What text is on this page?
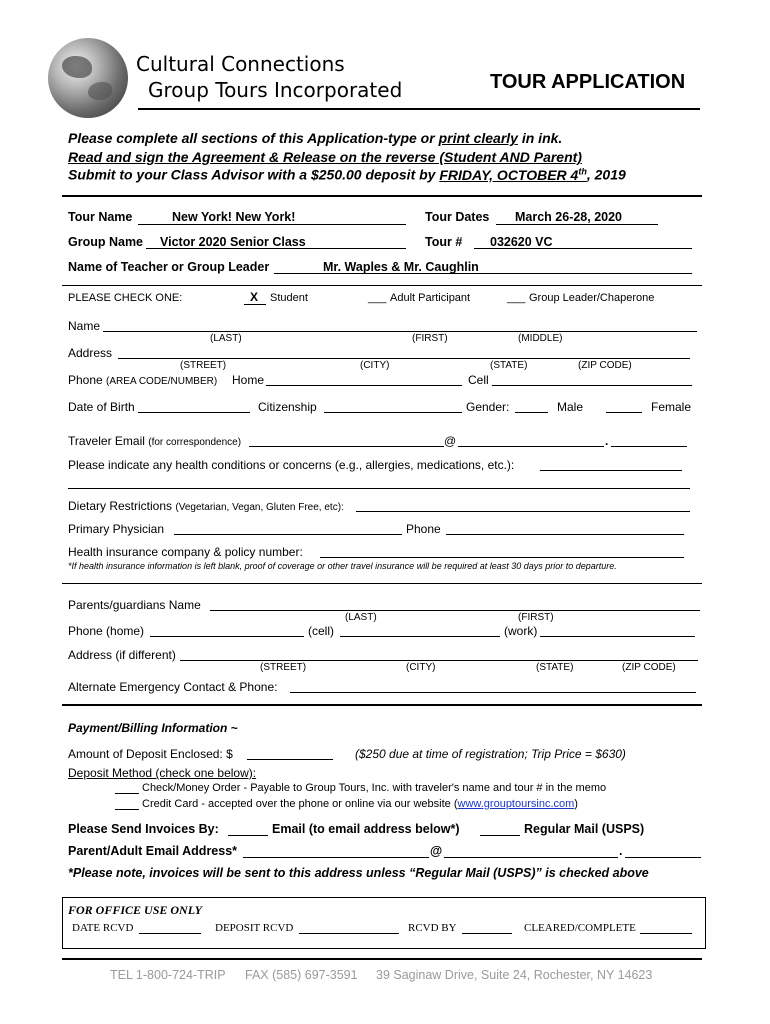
Cultural Connections
Group Tours Incorporated	TOUR APPLICATION
Please complete all sections of this Application-type or print clearly in ink.
Read and sign the Agreement & Release on the reverse (Student AND Parent)
Submit to your Class Advisor with a $250.00 deposit by FRIDAY, OCTOBER 4th, 2019
Tour Name	New York! New York!	Tour Dates March 26-28, 2020
Group Name Victor 2020 Senior Class	Tour # 032620 VC
Name of Teacher or Group Leader	Mr. Waples & Mr. Caughlin
PLEASE CHECK ONE:	X Student	___ Adult Participant	___ Group Leader/Chaperone
Name
(LAST)	(FIRST)	(MIDDLE)
Address
(STREET)	(CITY)	(STATE)	(ZIP CODE)
Phone (AREA CODE/NUMBER) Home	Cell
Date of Birth	Citizenship	Gender:	Male	Female
Traveler Email (for correspondence)	@	.
Please indicate any health conditions or concerns (e.g., allergies, medications, etc.):
Dietary Restrictions (Vegetarian, Vegan, Gluten Free, etc):
Primary Physician	Phone
Health insurance company & policy number:
*If health insurance information is left blank, proof of coverage or other travel insurance will be required at least 30 days prior to departure.
Parents/guardians Name
(LAST)	(FIRST)
Phone (home)	(cell)	(work)
Address (if different)
(STREET)	(CITY)	(STATE)	(ZIP CODE)
Alternate Emergency Contact & Phone:
Payment/Billing Information ~
Amount of Deposit Enclosed: $	($250 due at time of registration; Trip Price = $630)
Deposit Method (check one below):
Check/Money Order - Payable to Group Tours, Inc. with traveler's name and tour # in the memo
Credit Card - accepted over the phone or online via our website (www.grouptoursinc.com)
Please Send Invoices By:	Email (to email address below*)	Regular Mail (USPS)
Parent/Adult Email Address*	@	.
*Please note, invoices will be sent to this address unless “Regular Mail (USPS)” is checked above
FOR OFFICE USE ONLY
DATE RCVD	DEPOSIT RCVD	RCVD BY	CLEARED/COMPLETE
TEL 1-800-724-TRIP FAX (585) 697-3591 39 Saginaw Drive, Suite 24, Rochester, NY 14623
